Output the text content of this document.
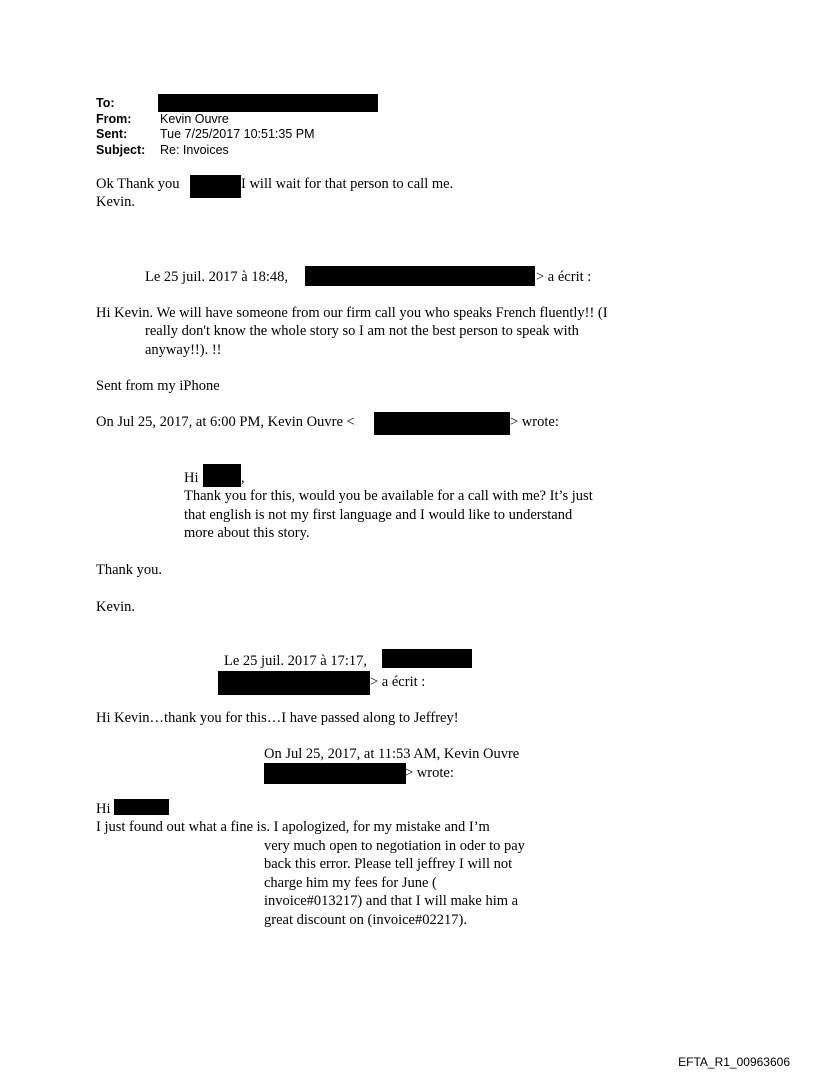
To:
From: Kevin Ouvre
Sent:	Tue 7/25/2017 10:51:35 PM
Subject: Re: Invoices
Ok Thank you	I will wait for that person to call me.
Kevin.
Le 25 juil. 2017 à 18:48,	> a écrit :
Hi Kevin. We will have someone from our firm call you who speaks French fluently!! (I
really don't know the whole story so I am not the best person to speak with
anyway!!). !!
Sent from my iPhone
On Jul 25, 2017, at 6:00 PM, Kevin Ouvre <	> wrote:
Hi	,
Thank you for this, would you be available for a call with me? It’s just
that english is not my first language and I would like to understand
more about this story.
Thank you.
Kevin.
Le 25 juil. 2017 à 17:17,
> a écrit :
Hi Kevin…thank you for this…I have passed along to Jeffrey!
On Jul 25, 2017, at 11:53 AM, Kevin Ouvre
> wrote:
Hi
I just found out what a fine is. I apologized, for my mistake and I’m
very much open to negotiation in oder to pay
back this error. Please tell jeffrey I will not
charge him my fees for June (
invoice#013217) and that I will make him a
great discount on (invoice#02217).
EFTA_R1_00963606
